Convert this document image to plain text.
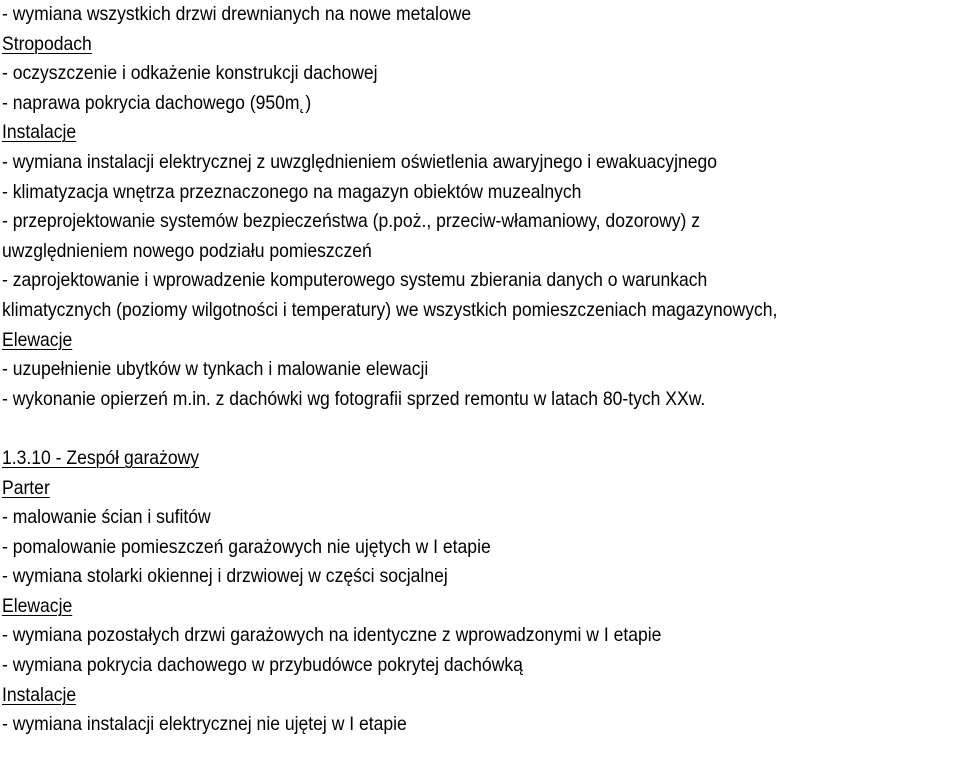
- wymiana wszystkich drzwi drewnianych na nowe metalowe
Stropodach
- oczyszczenie i odkażenie konstrukcji dachowej
- naprawa pokrycia dachowego (950m˛)
Instalacje
- wymiana instalacji elektrycznej z uwzględnieniem oświetlenia awaryjnego i ewakuacyjnego
- klimatyzacja wnętrza przeznaczonego na magazyn obiektów muzealnych
- przeprojektowanie systemów bezpieczeństwa (p.poż., przeciw-włamaniowy, dozorowy) z
uwzględnieniem nowego podziału pomieszczeń
- zaprojektowanie i wprowadzenie komputerowego systemu zbierania danych o warunkach
klimatycznych (poziomy wilgotności i temperatury) we wszystkich pomieszczeniach magazynowych,
Elewacje
- uzupełnienie ubytków w tynkach i malowanie elewacji
- wykonanie opierzeń m.in. z dachówki wg fotografii sprzed remontu w latach 80-tych XXw.
1.3.10 - Zespół garażowy
Parter
- malowanie ścian i sufitów
- pomalowanie pomieszczeń garażowych nie ujętych w I etapie
- wymiana stolarki okiennej i drzwiowej w części socjalnej
Elewacje
- wymiana pozostałych drzwi garażowych na identyczne z wprowadzonymi w I etapie
- wymiana pokrycia dachowego w przybudówce pokrytej dachówką
Instalacje
- wymiana instalacji elektrycznej nie ujętej w I etapie
